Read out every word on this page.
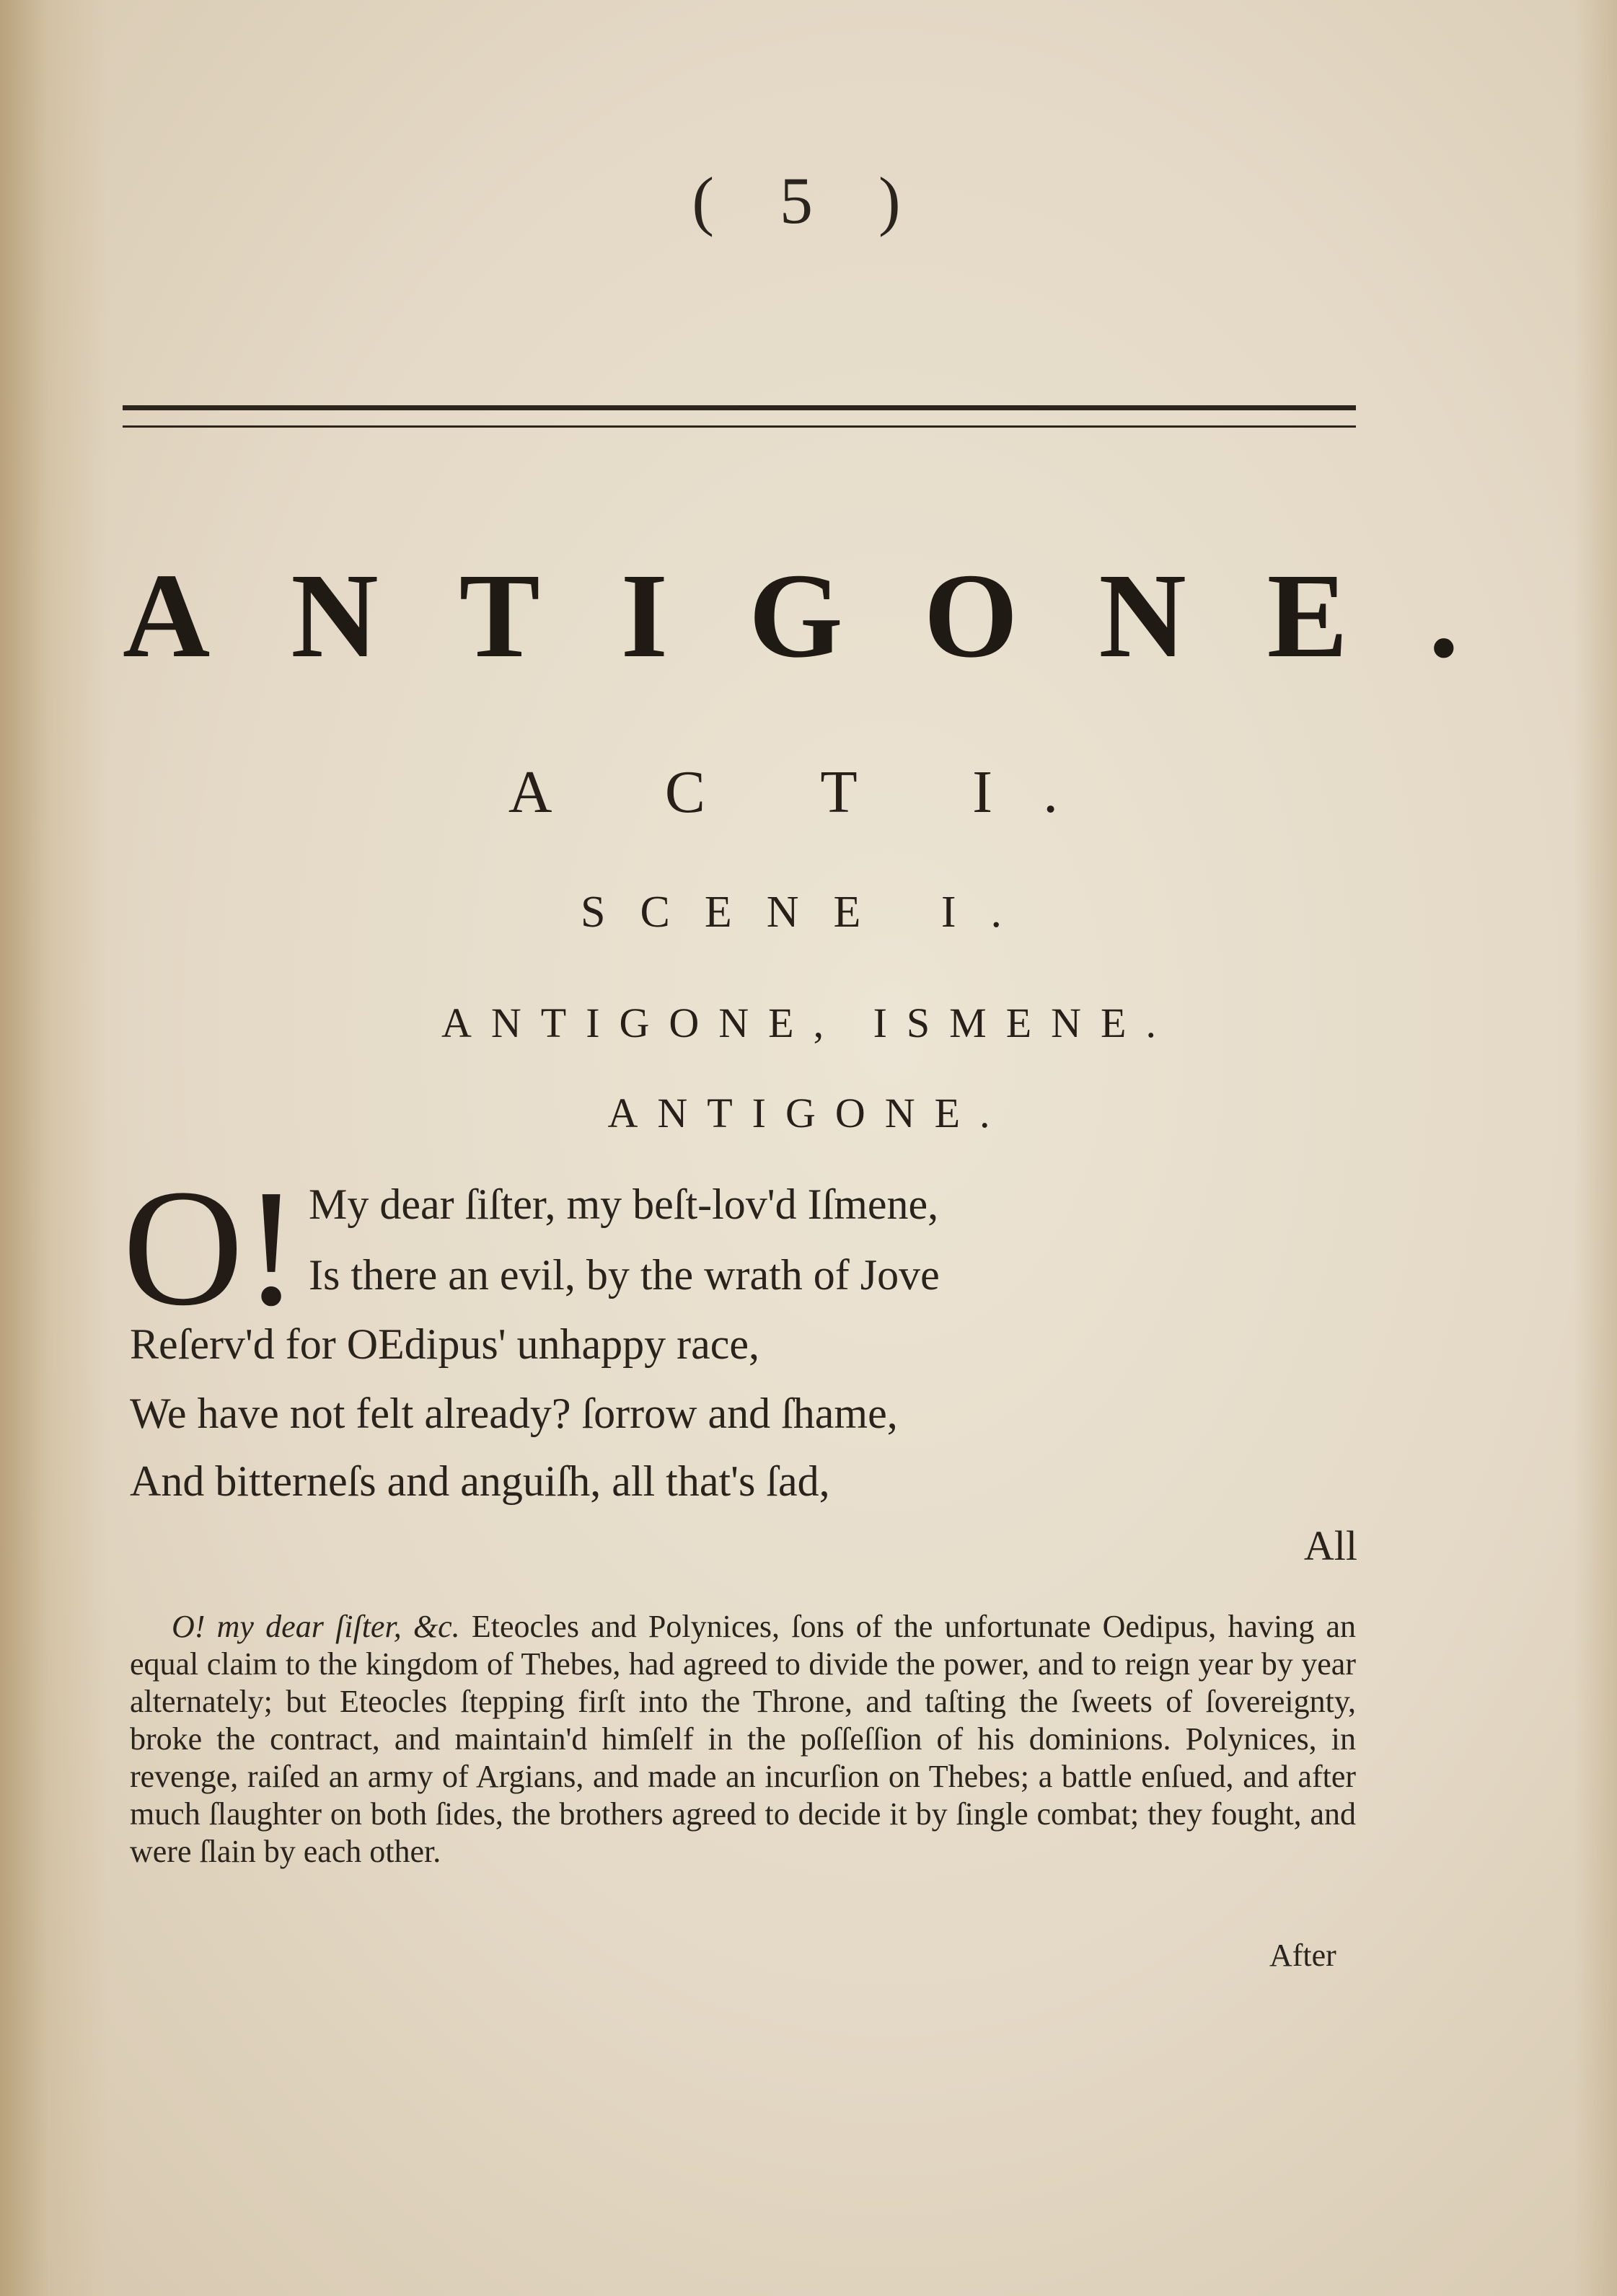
( 5 )
ANTIGONE.
A C T I.
SCENE I.
ANTIGONE, ISMENE.
ANTIGONE.
O! My dear ſiſter, my beſt-lov'd Iſmene,
Is there an evil, by the wrath of Jove
Reſerv'd for OEdipus' unhappy race,
We have not felt already? ſorrow and ſhame,
And bitterneſs and anguiſh, all that's ſad,
All
O! my dear ſiſter, &c. Eteocles and Polynices, ſons of the unfortunate Oedipus, having an equal claim to the kingdom of Thebes, had agreed to divide the power, and to reign year by year alternately; but Eteocles ſtepping firſt into the Throne, and taſting the ſweets of ſovereignty, broke the contract, and maintain'd himſelf in the poſſeſſion of his dominions. Polynices, in revenge, raiſed an army of Argians, and made an incurſion on Thebes; a battle enſued, and after much ſlaughter on both ſides, the brothers agreed to decide it by ſingle combat; they fought, and were ſlain by each other.
After
